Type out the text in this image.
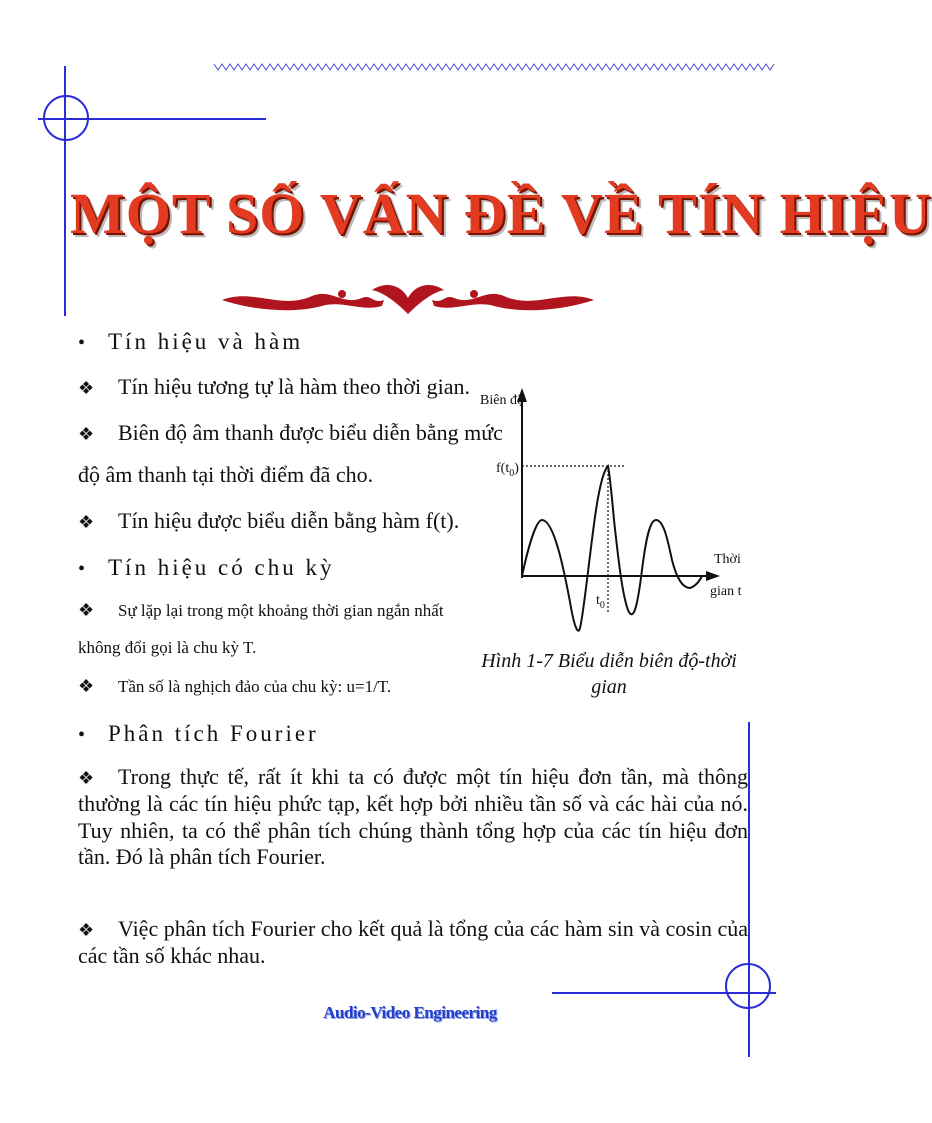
MỘT SỐ VẤN ĐỀ VỀ TÍN HIỆU
• Tín hiệu và hàm
❖ Tín hiệu tương tự là hàm theo thời gian.
❖ Biên độ âm thanh được biểu diễn bằng mức
độ âm thanh tại thời điểm đã cho.
❖ Tín hiệu được biểu diễn bằng hàm f(t).
• Tín hiệu có chu kỳ
❖ Sự lặp lại trong một khoảng thời gian ngắn nhất
không đổi gọi là chu kỳ T.
❖ Tần số là nghịch đảo của chu kỳ: u=1/T.
• Phân tích Fourier
❖ Trong thực tế, rất ít khi ta có được một tín hiệu đơn tần, mà thông thường là các tín hiệu phức tạp, kết hợp bởi nhiều tần số và các hài của nó. Tuy nhiên, ta có thể phân tích chúng thành tổng hợp của các tín hiệu đơn tần. Đó là phân tích Fourier.
❖ Việc phân tích Fourier cho kết quả là tổng của các hàm sin và cosin của các tần số khác nhau.
Biên độ
$f(t_0)$
$t_0$
Thời
gian t
Hình 1-7 Biểu diễn biên độ-thời
gian
Audio-Video Engineering
